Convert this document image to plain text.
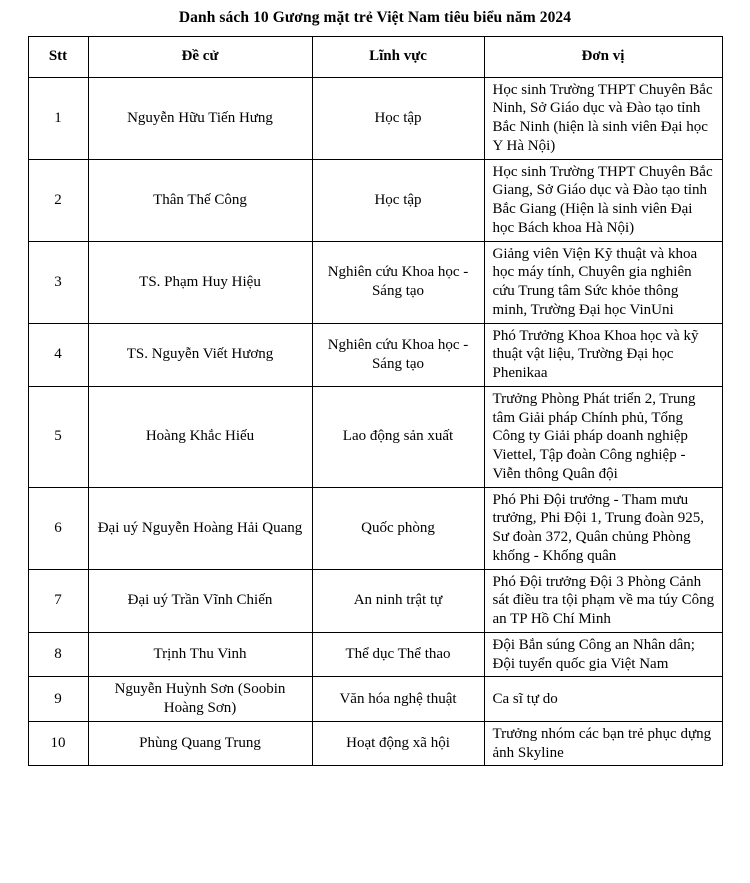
Danh sách 10 Gương mặt trẻ Việt Nam tiêu biểu năm 2024
Stt	Đề cử	Lĩnh vực	Đơn vị
1	Nguyễn Hữu Tiến Hưng	Học tập	Học sinh Trường THPT Chuyên Bắc Ninh, Sở Giáo dục và Đào tạo tỉnh Bắc Ninh (hiện là sinh viên Đại học Y Hà Nội)
2	Thân Thế Công	Học tập	Học sinh Trường THPT Chuyên Bắc Giang, Sở Giáo dục và Đào tạo tỉnh Bắc Giang (Hiện là sinh viên Đại học Bách khoa Hà Nội)
3	TS. Phạm Huy Hiệu	Nghiên cứu Khoa học -Sáng tạo	Giảng viên Viện Kỹ thuật và khoa học máy tính, Chuyên gia nghiên cứu Trung tâm Sức khỏe thông minh, Trường Đại học VinUni
4	TS. Nguyễn Viết Hương	Nghiên cứu Khoa học -Sáng tạo	Phó Trưởng Khoa Khoa học và kỹ thuật vật liệu, Trường Đại học Phenikaa
5	Hoàng Khắc Hiếu	Lao động sản xuất	Trưởng Phòng Phát triển 2, Trung tâm Giải pháp Chính phủ, Tổng Công ty Giải pháp doanh nghiệp Viettel, Tập đoàn Công nghiệp - Viễn thông Quân đội
6	Đại uý Nguyễn Hoàng Hải Quang	Quốc phòng	Phó Phi Đội trưởng - Tham mưu trưởng, Phi Đội 1, Trung đoàn 925, Sư đoàn 372, Quân chủng Phòng khống - Khống quân
7	Đại uý Trần Vĩnh Chiến	An ninh trật tự	Phó Đội trưởng Đội 3 Phòng Cảnh sát điều tra tội phạm về ma túy Công an TP Hồ Chí Minh
8	Trịnh Thu Vinh	Thể dục Thể thao	Đội Bắn súng Công an Nhân dân; Đội tuyển quốc gia Việt Nam
9	Nguyễn Huỳnh Sơn (Soobin Hoàng Sơn)	Văn hóa nghệ thuật	Ca sĩ tự do
10	Phùng Quang Trung	Hoạt động xã hội	Trưởng nhóm các bạn trẻ phục dựng ảnh Skyline
